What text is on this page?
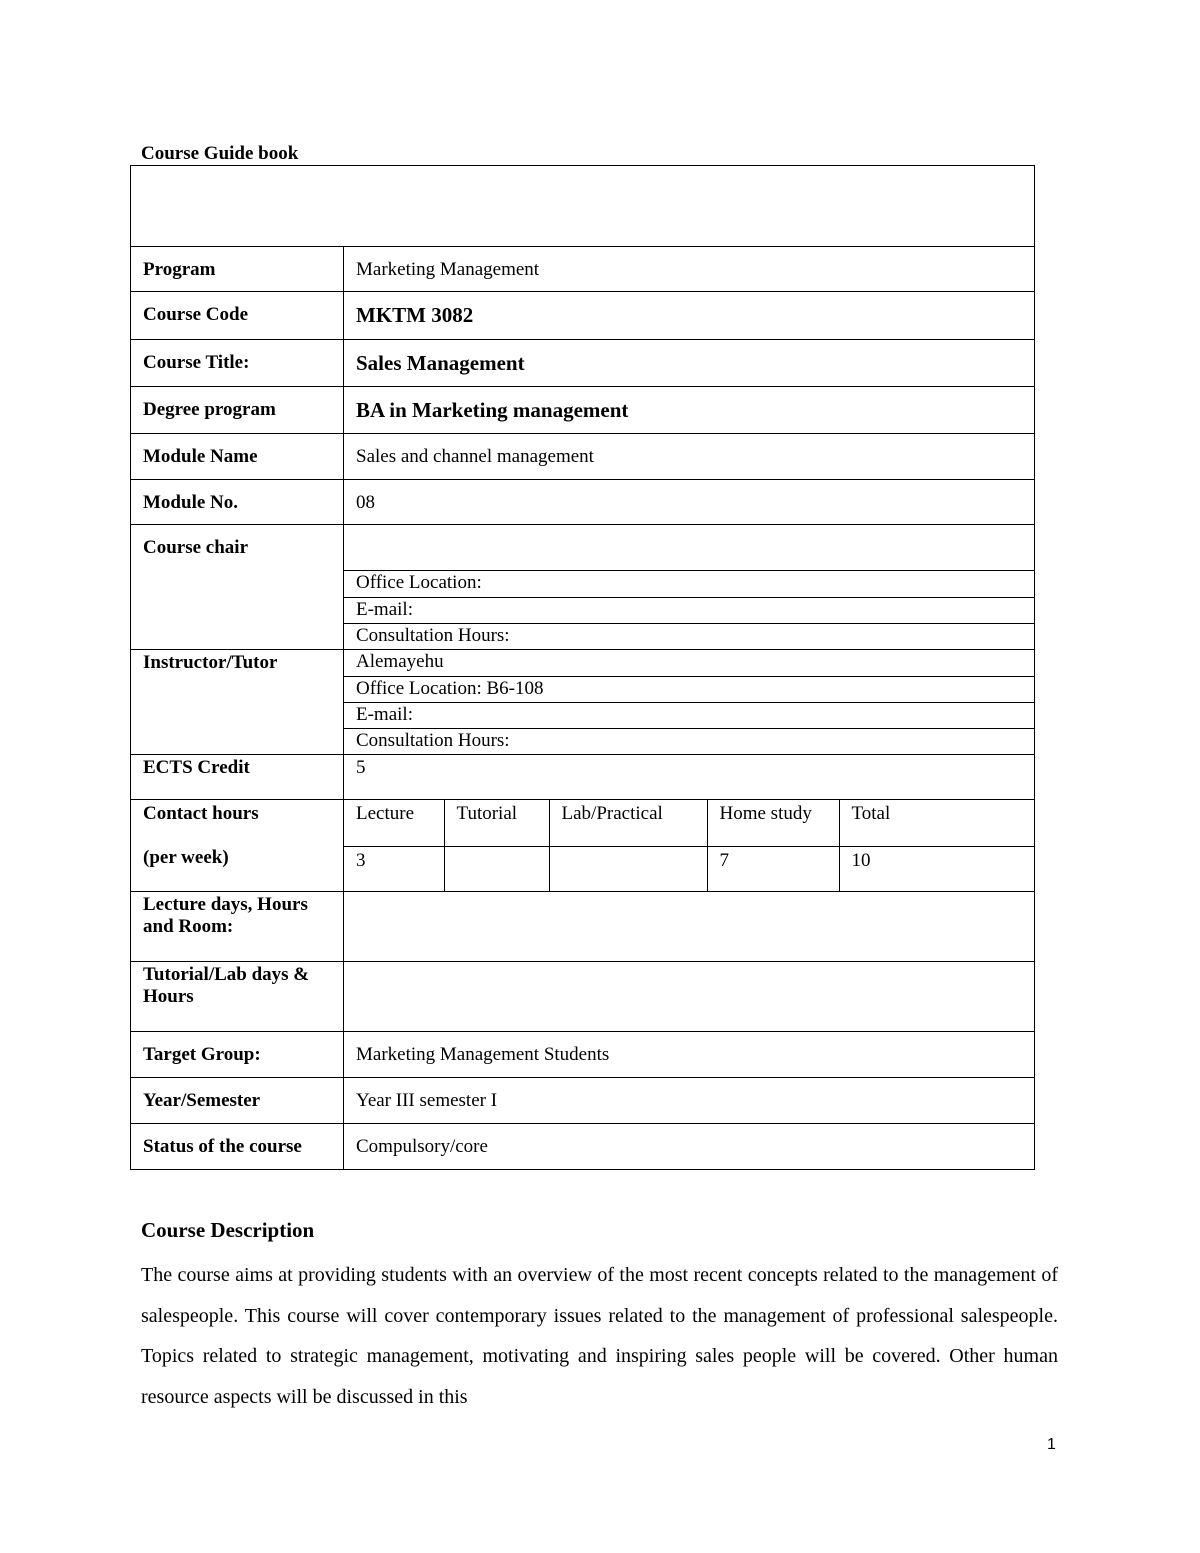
Course Guide book

Program	Marketing Management
Course Code	MKTM 3082
Course Title:	Sales Management
Degree program	BA in Marketing management
Module Name	Sales and channel management
Module No.	08
Course chair	
Office Location:
E-mail:
Consultation Hours:

Instructor/Tutor	Alemayehu
Office Location: B6-108
E-mail:
Consultation Hours:

ECTS Credit	5

Contact hours
(per week)

Lecture	Tutorial	Lab/Practical	Home study	Total
3			7	10

Lecture days, Hours and Room:	
Tutorial/Lab days & Hours	
Target Group:	Marketing Management Students
Year/Semester	Year III semester I
Status of the course	Compulsory/core
Course Description
The course aims at providing students with an overview of the most recent concepts related to the management of salespeople. This course will cover contemporary issues related to the management of professional salespeople. Topics related to strategic management, motivating and inspiring sales people will be covered. Other human resource aspects will be discussed in this
1
